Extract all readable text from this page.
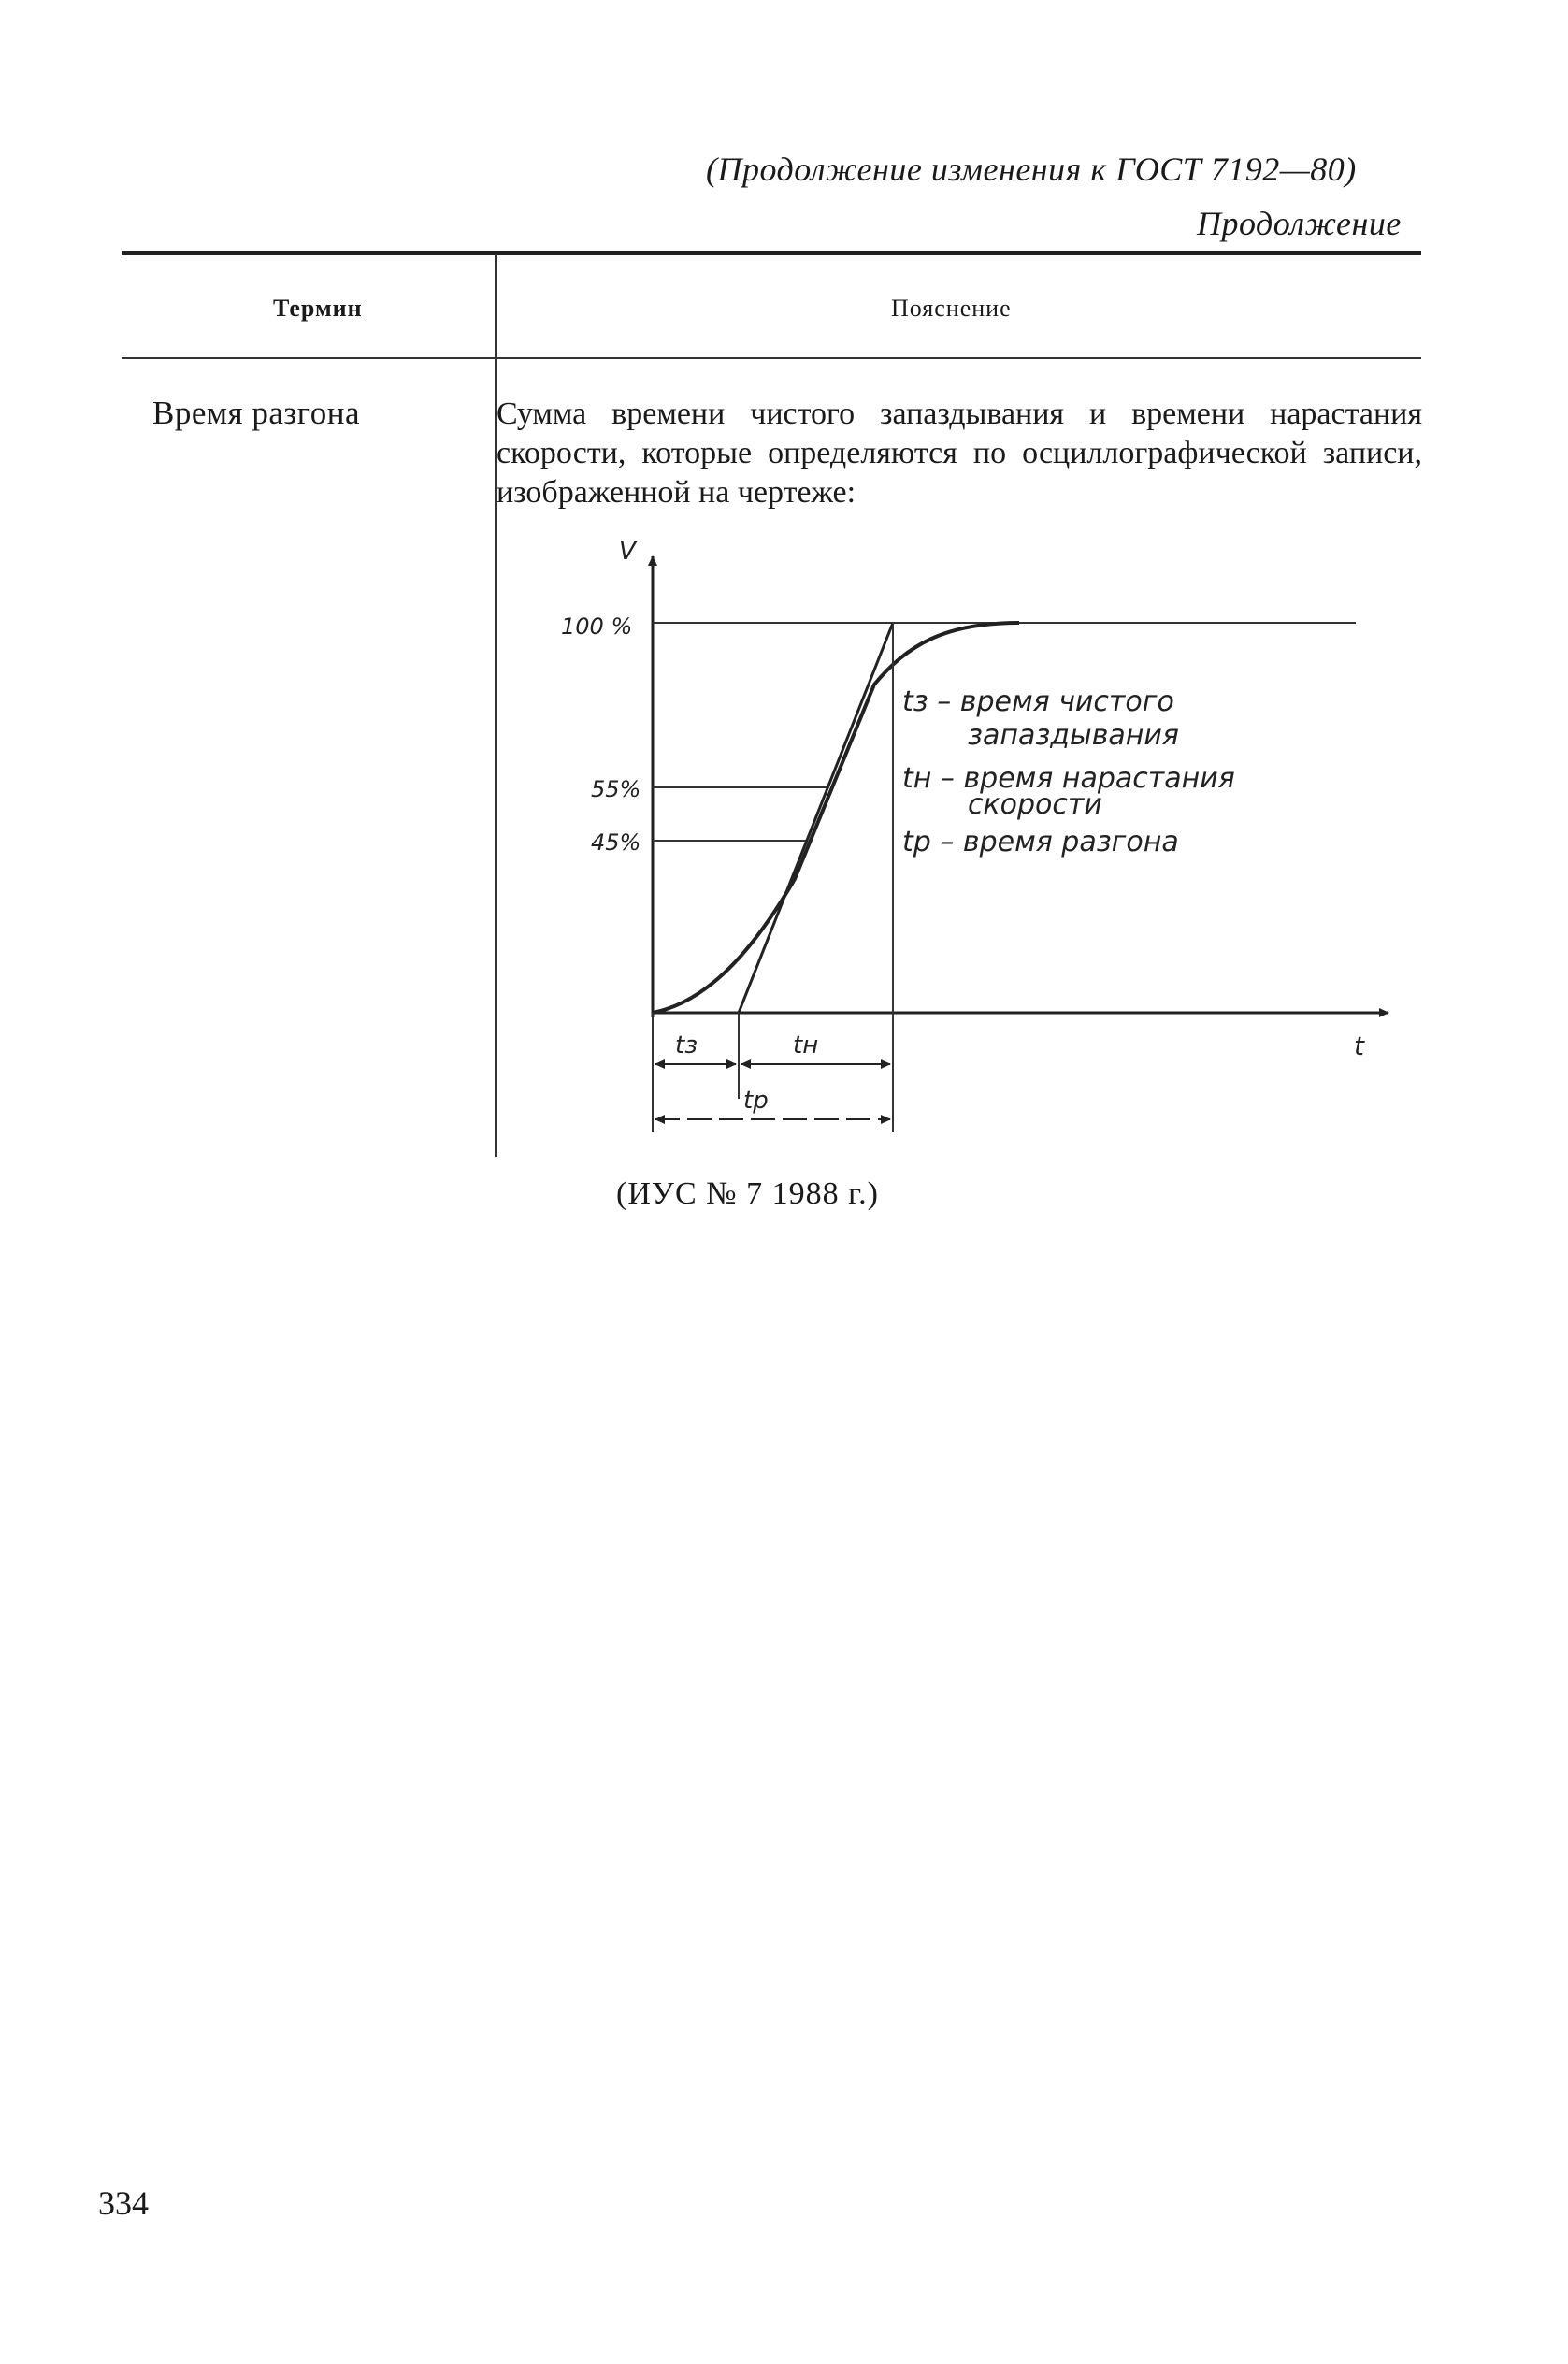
(Продолжение изменения к ГОСТ 7192—80)
Продолжение
Термин	Пояснение
Время разгона	Сумма времени чистого запаздывания и времени нарастания скорости, которые определяются по осциллографической записи, изображенной на чертеже:

V
t
100 %
55%
45%
tз	tн
tр
tз – время чистого
запаздывания
tн – время нарастания
скорости
tр – время разгона
(ИУС № 7 1988 г.)
334
